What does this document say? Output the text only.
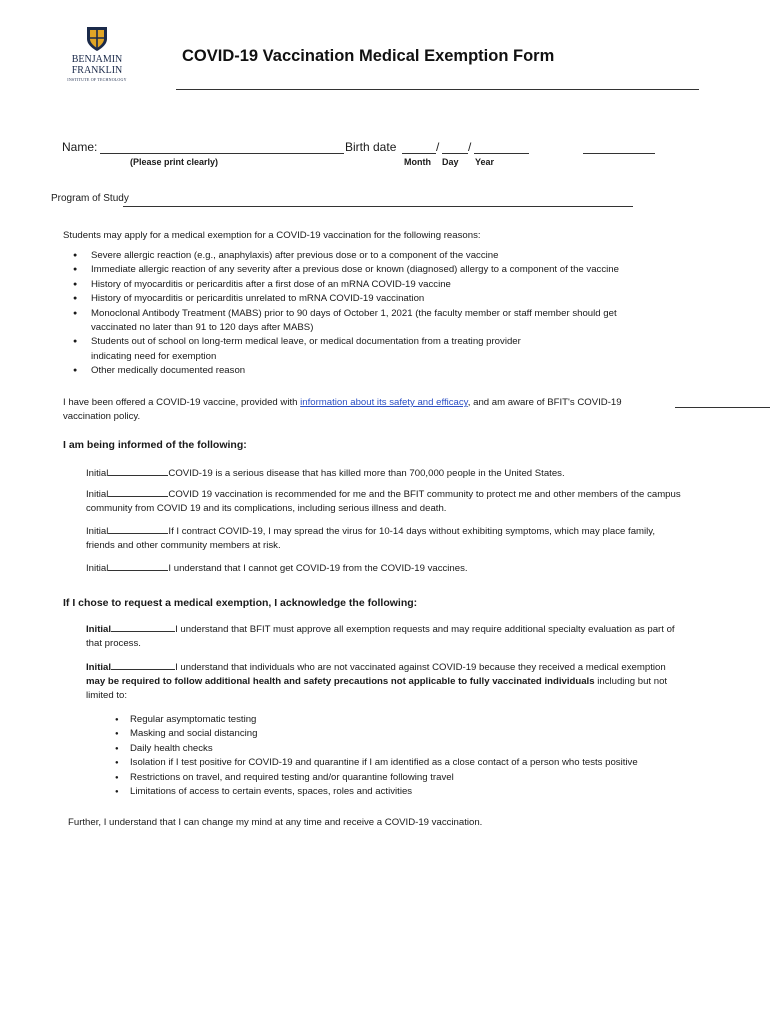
BENJAMIN
FRANKLIN
INSTITUTE OF TECHNOLOGY
COVID-19 Vaccination Medical Exemption Form
Name:	Birth date	/ /
(Please print clearly)	Month Day Year
Program of Study
Students may apply for a medical exemption for a COVID-19 vaccination for the following reasons:
● Severe allergic reaction (e.g., anaphylaxis) after previous dose or to a component of the vaccine
● Immediate allergic reaction of any severity after a previous dose or known (diagnosed) allergy to a component of the vaccine
● History of myocarditis or pericarditis after a first dose of an mRNA COVID-19 vaccine
● History of myocarditis or pericarditis unrelated to mRNA COVID-19 vaccination
● Monoclonal Antibody Treatment (MABS) prior to 90 days of October 1, 2021 (the faculty member or staff member should get vaccinated no later than 91 to 120 days after MABS)
● Students out of school on long-term medical leave, or medical documentation from a treating provider indicating need for exemption
● Other medically documented reason
I have been offered a COVID-19 vaccine, provided with information about its safety and efficacy, and am aware of BFIT's COVID-19
vaccination policy.
I am being informed of the following:
Initial	COVID-19 is a serious disease that has killed more than 700,000 people in the United States.
Initial	COVID 19 vaccination is recommended for me and the BFIT community to protect me and other members of the campus community from COVID 19 and its complications, including serious illness and death.
Initial	If I contract COVID-19, I may spread the virus for 10-14 days without exhibiting symptoms, which may place family, friends and other community members at risk.
Initial	I understand that I cannot get COVID-19 from the COVID-19 vaccines.
If I chose to request a medical exemption, I acknowledge the following:
Initial	I understand that BFIT must approve all exemption requests and may require additional specialty evaluation as part of that process.
Initial	I understand that individuals who are not vaccinated against COVID-19 because they received a medical exemption may be required to follow additional health and safety precautions not applicable to fully vaccinated individuals including but not limited to:
● Regular asymptomatic testing
● Masking and social distancing
● Daily health checks
● Isolation if I test positive for COVID-19 and quarantine if I am identified as a close contact of a person who tests positive
● Restrictions on travel, and required testing and/or quarantine following travel
● Limitations of access to certain events, spaces, roles and activities
Further, I understand that I can change my mind at any time and receive a COVID-19 vaccination.
